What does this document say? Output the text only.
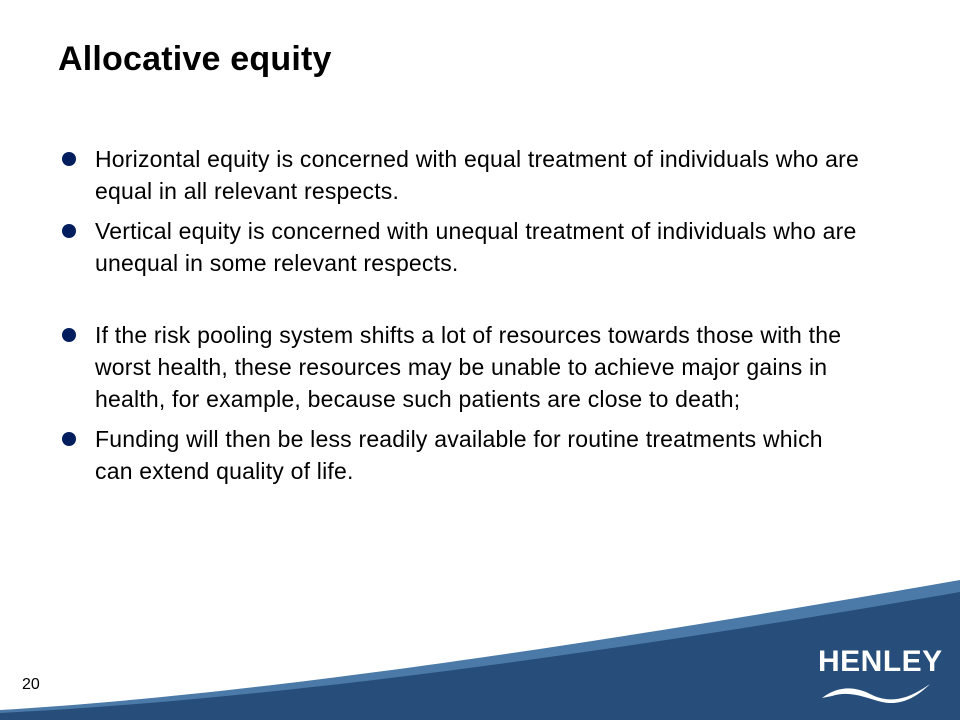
Allocative equity
Horizontal equity is concerned with equal treatment of individuals who are equal in all relevant respects.
Vertical equity is concerned with unequal treatment of individuals who are unequal in some relevant respects.
If the risk pooling system shifts a lot of resources towards those with the worst health, these resources may be unable to achieve major gains in health, for example, because such patients are close to death;
Funding will then be less readily available for routine treatments which can extend quality of life.
20
HENLEY
